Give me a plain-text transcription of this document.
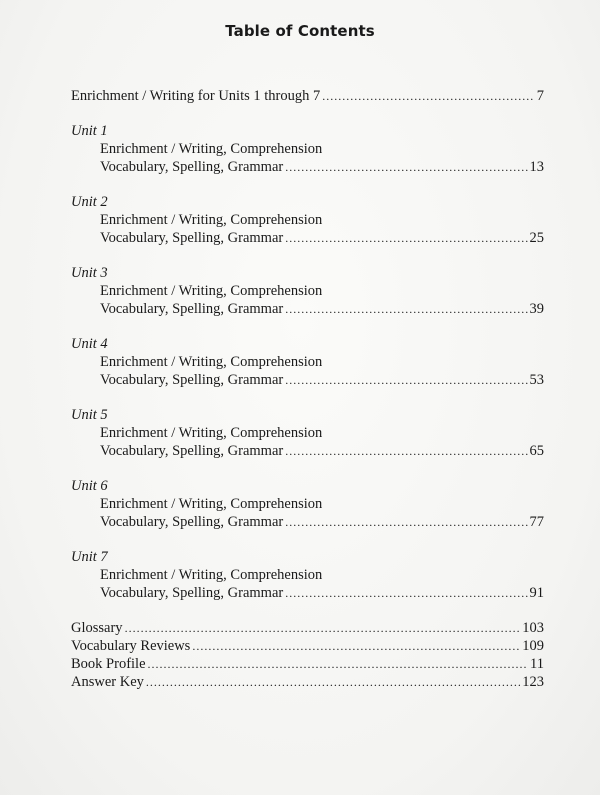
Table of Contents
Enrichment / Writing for Units 1 through 7 .....	7
Unit 1
Enrichment / Writing, Comprehension
Vocabulary, Spelling, Grammar .....	13
Unit 2
Enrichment / Writing, Comprehension
Vocabulary, Spelling, Grammar .....	25
Unit 3
Enrichment / Writing, Comprehension
Vocabulary, Spelling, Grammar .....	39
Unit 4
Enrichment / Writing, Comprehension
Vocabulary, Spelling, Grammar .....	53
Unit 5
Enrichment / Writing, Comprehension
Vocabulary, Spelling, Grammar .....	65
Unit 6
Enrichment / Writing, Comprehension
Vocabulary, Spelling, Grammar .....	77
Unit 7
Enrichment / Writing, Comprehension
Vocabulary, Spelling, Grammar .....	91
Glossary .....	103
Vocabulary Reviews .....	109
Book Profile .....	11
Answer Key .....	123
